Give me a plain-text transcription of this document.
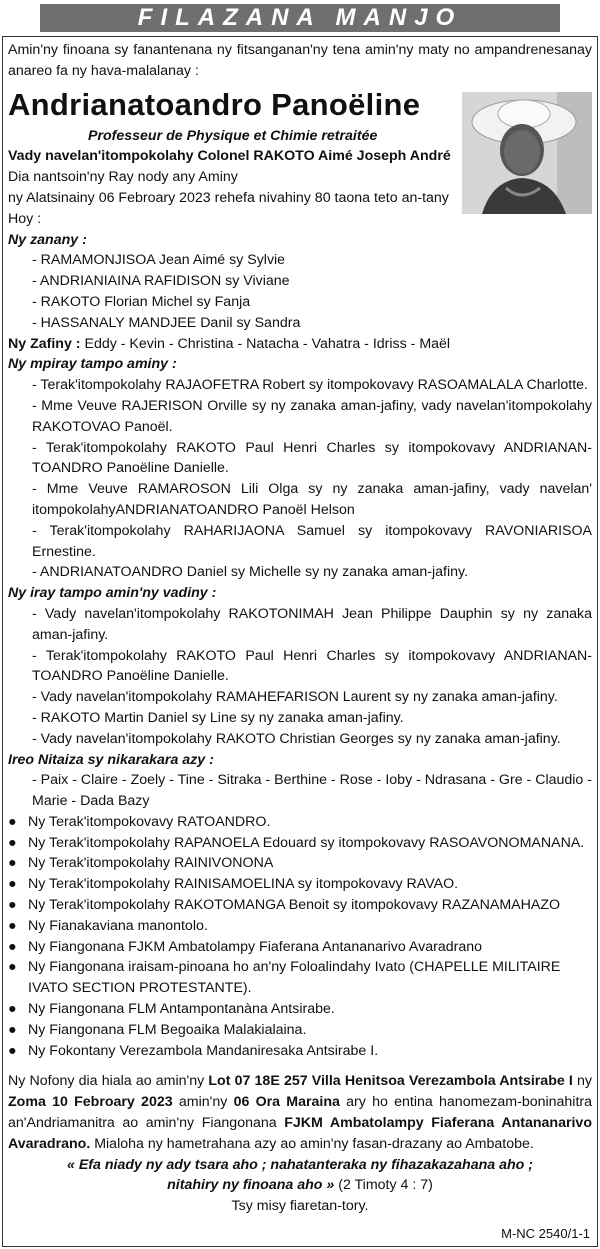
FILAZANA MANJO

Amin'ny finoana sy fanantenana ny fitsanganan'ny tena amin'ny maty no ampandrenesanay anareo fa ny hava-malalanay :

Andrianatoandro Panoëline

Professeur de Physique et Chimie retraitée

Vady navelan'itompokolahy Colonel RAKOTO Aimé Joseph André

Dia nantsoin'ny Ray nody any Aminy

ny Alatsinainy 06 Febroary 2023 rehefa nivahiny 80 taona teto an-tany

Hoy :

Ny zanany :

- RAMAMONJISOA Jean Aimé sy Sylvie

- ANDRIANIAINA RAFIDISON sy Viviane

- RAKOTO Florian Michel sy Fanja

- HASSANALY MANDJEE Danil sy Sandra

Ny Zafiny : Eddy - Kevin - Christina - Natacha - Vahatra - Idriss - Maël

Ny mpiray tampo aminy :

- Terak'itompokolahy RAJAOFETRA Robert sy itompokovavy RASOAMALALA Charlotte.

- Mme Veuve RAJERISON Orville sy ny zanaka aman-jafiny, vady navelan'itompokolahy RAKOTOVAO Panoël.

- Terak'itompokolahy RAKOTO Paul Henri Charles sy itompokovavy ANDRIANAN-TOANDRO Panoëline Danielle.

- Mme Veuve RAMAROSON Lili Olga sy ny zanaka aman-jafiny, vady navelan' itompokolahyANDRIANATOANDRO Panoël Helson

- Terak'itompokolahy RAHARIJAONA Samuel sy itompokovavy RAVONIARISOA Ernestine.

- ANDRIANATOANDRO Daniel sy Michelle sy ny zanaka aman-jafiny.

Ny iray tampo amin'ny vadiny :

- Vady navelan'itompokolahy RAKOTONIMAH Jean Philippe Dauphin sy ny zanaka aman-jafiny.

- Terak'itompokolahy RAKOTO Paul Henri Charles sy itompokovavy ANDRIANAN-TOANDRO Panoëline Danielle.

- Vady navelan'itompokolahy RAMAHEFARISON Laurent sy ny zanaka aman-jafiny.

- RAKOTO Martin Daniel sy Line sy ny zanaka aman-jafiny.

- Vady navelan'itompokolahy RAKOTO Christian Georges sy ny zanaka aman-jafiny.

Ireo Nitaiza sy nikarakara azy :

- Paix - Claire - Zoely - Tine - Sitraka - Berthine - Rose - Ioby - Ndrasana - Gre - Claudio - Marie - Dada Bazy

● Ny Terak'itompokovavy RATOANDRO.
● Ny Terak'itompokolahy RAPANOELA Edouard sy itompokovavy RASOAVONOMANANA.
● Ny Terak'itompokolahy RAINIVONONA
● Ny Terak'itompokolahy RAINISAMOELINA sy itompokovavy RAVAO.
● Ny Terak'itompokolahy RAKOTOMANGA Benoit sy itompokovavy RAZANAMAHAZO
● Ny Fianakaviana manontolo.
● Ny Fiangonana FJKM Ambatolampy Fiaferana Antananarivo Avaradrano
● Ny Fiangonana iraisam-pinoana ho an'ny Foloalindahy Ivato (CHAPELLE MILITAIRE IVATO SECTION PROTESTANTE).
● Ny Fiangonana FLM Antampontanàna Antsirabe.
● Ny Fiangonana FLM Begoaika Malakialaina.
● Ny Fokontany Verezambola Mandaniresaka Antsirabe I.

Ny Nofony dia hiala ao amin'ny Lot 07 18E 257 Villa Henitsoa Verezambola Antsirabe I ny Zoma 10 Febroary 2023 amin'ny 06 Ora Maraina ary ho entina hanomezam-boninahitra an'Andriamanitra ao amin'ny Fiangonana FJKM Ambatolampy Fiaferana Antananarivo Avaradrano. Mialoha ny hametrahana azy ao amin'ny fasan-drazany ao Ambatobe.

« Efa niady ny ady tsara aho ; nahatanteraka ny fihazakazahana aho ;

nitahiry ny finoana aho » (2 Timoty 4 : 7)

Tsy misy fiaretan-tory.

M-NC 2540/1-1
